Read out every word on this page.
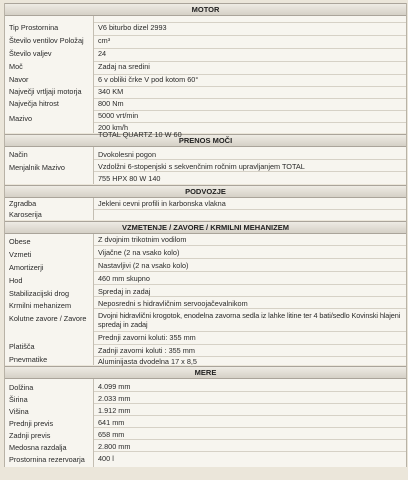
MOTOR
Tip Prostornina
Število ventilov Položaj
Število valjev
Moč
Navor
Največji vrtljaji motorja
Največja hitrost
Mazivo
V6 biturbo dizel 2993
cm³
24
Zadaj na sredini
6 v obliki črke V pod kotom 60°
340 KM
800 Nm
5000 vrt/min
200 km/h
TOTAL QUARTZ 10 W 60
PRENOS MOČI
Način
Menjalnik Mazivo
Dvokolesni pogon
Vzdolžni 6-stopenjski s sekvenčnim ročnim upravljanjem TOTAL
755 HPX 80 W 140
PODVOZJE
Zgradba
Karoserija
Jekleni cevni profili in karbonska vlakna
VZMETENJE / ZAVORE / KRMILNI MEHANIZEM
Obese
Vzmeti
Amortizerji
Hod
Stabilizacijski drog
Krmilni mehanizem
Kolutne zavore / Zavore
Platišča
Pnevmatike
Z dvojnim trikotnim vodilom
Vijačne (2 na vsako kolo)
Nastavljivi (2 na vsako kolo)
460 mm skupno
Spredaj in zadaj
Neposredni s hidravličnim servoojačevalnikom
Dvojni hidravlični krogotok, enodelna zavorna sedla iz lahke litine ter 4 bati/sedlo Kovinski hlajeni spredaj in zadaj
Prednji zavorni koluti: 355 mm
Zadnji zavorni koluti : 355 mm
Aluminijasta dvodelna 17 x 8,5
MERE
Dolžina
Širina
Višina
Prednji previs
Zadnji previs
Medosna razdalja
Prostornina rezervoarja
4.099 mm
2.033 mm
1.912 mm
641 mm
658 mm
2.800 mm
400 l
